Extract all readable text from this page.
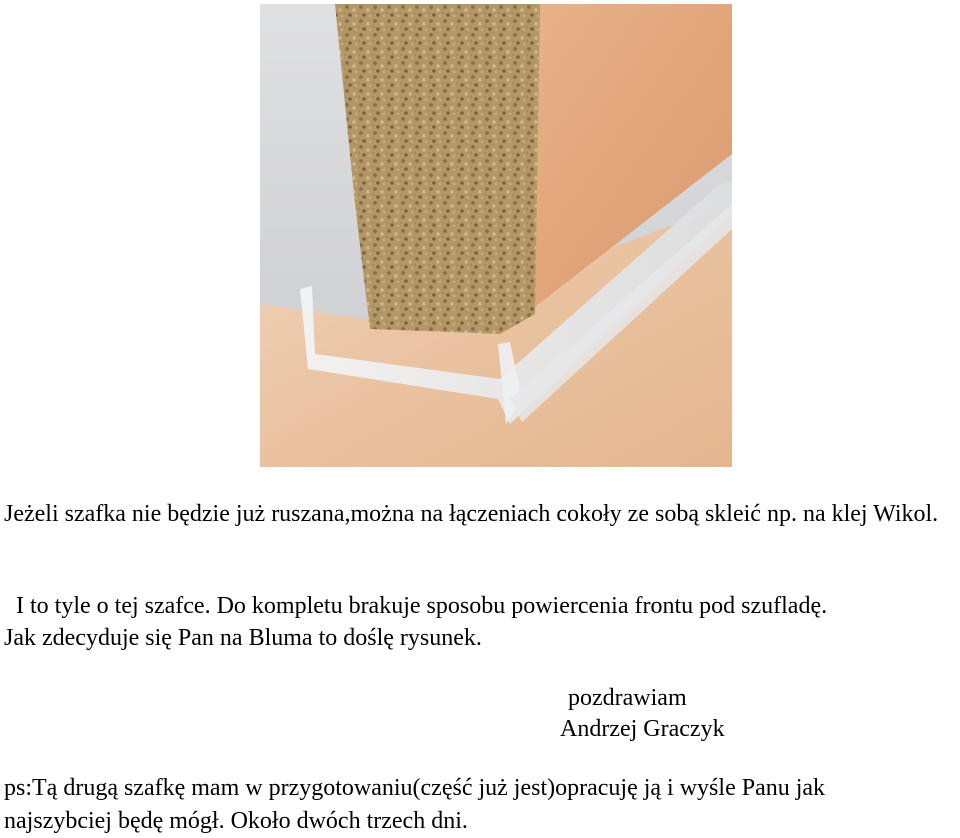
Jeżeli szafka nie będzie już ruszana,można na łączeniach cokoły ze sobą skleić np. na klej Wikol.

I to tyle o tej szafce. Do kompletu brakuje sposobu powiercenia frontu pod szufladę.

Jak zdecyduje się Pan na Bluma to doślę rysunek.

pozdrawiam

Andrzej Graczyk

ps:Tą drugą szafkę mam w przygotowaniu(część już jest)opracuję ją i wyśle Panu jak

najszybciej będę mógł. Około dwóch trzech dni.
